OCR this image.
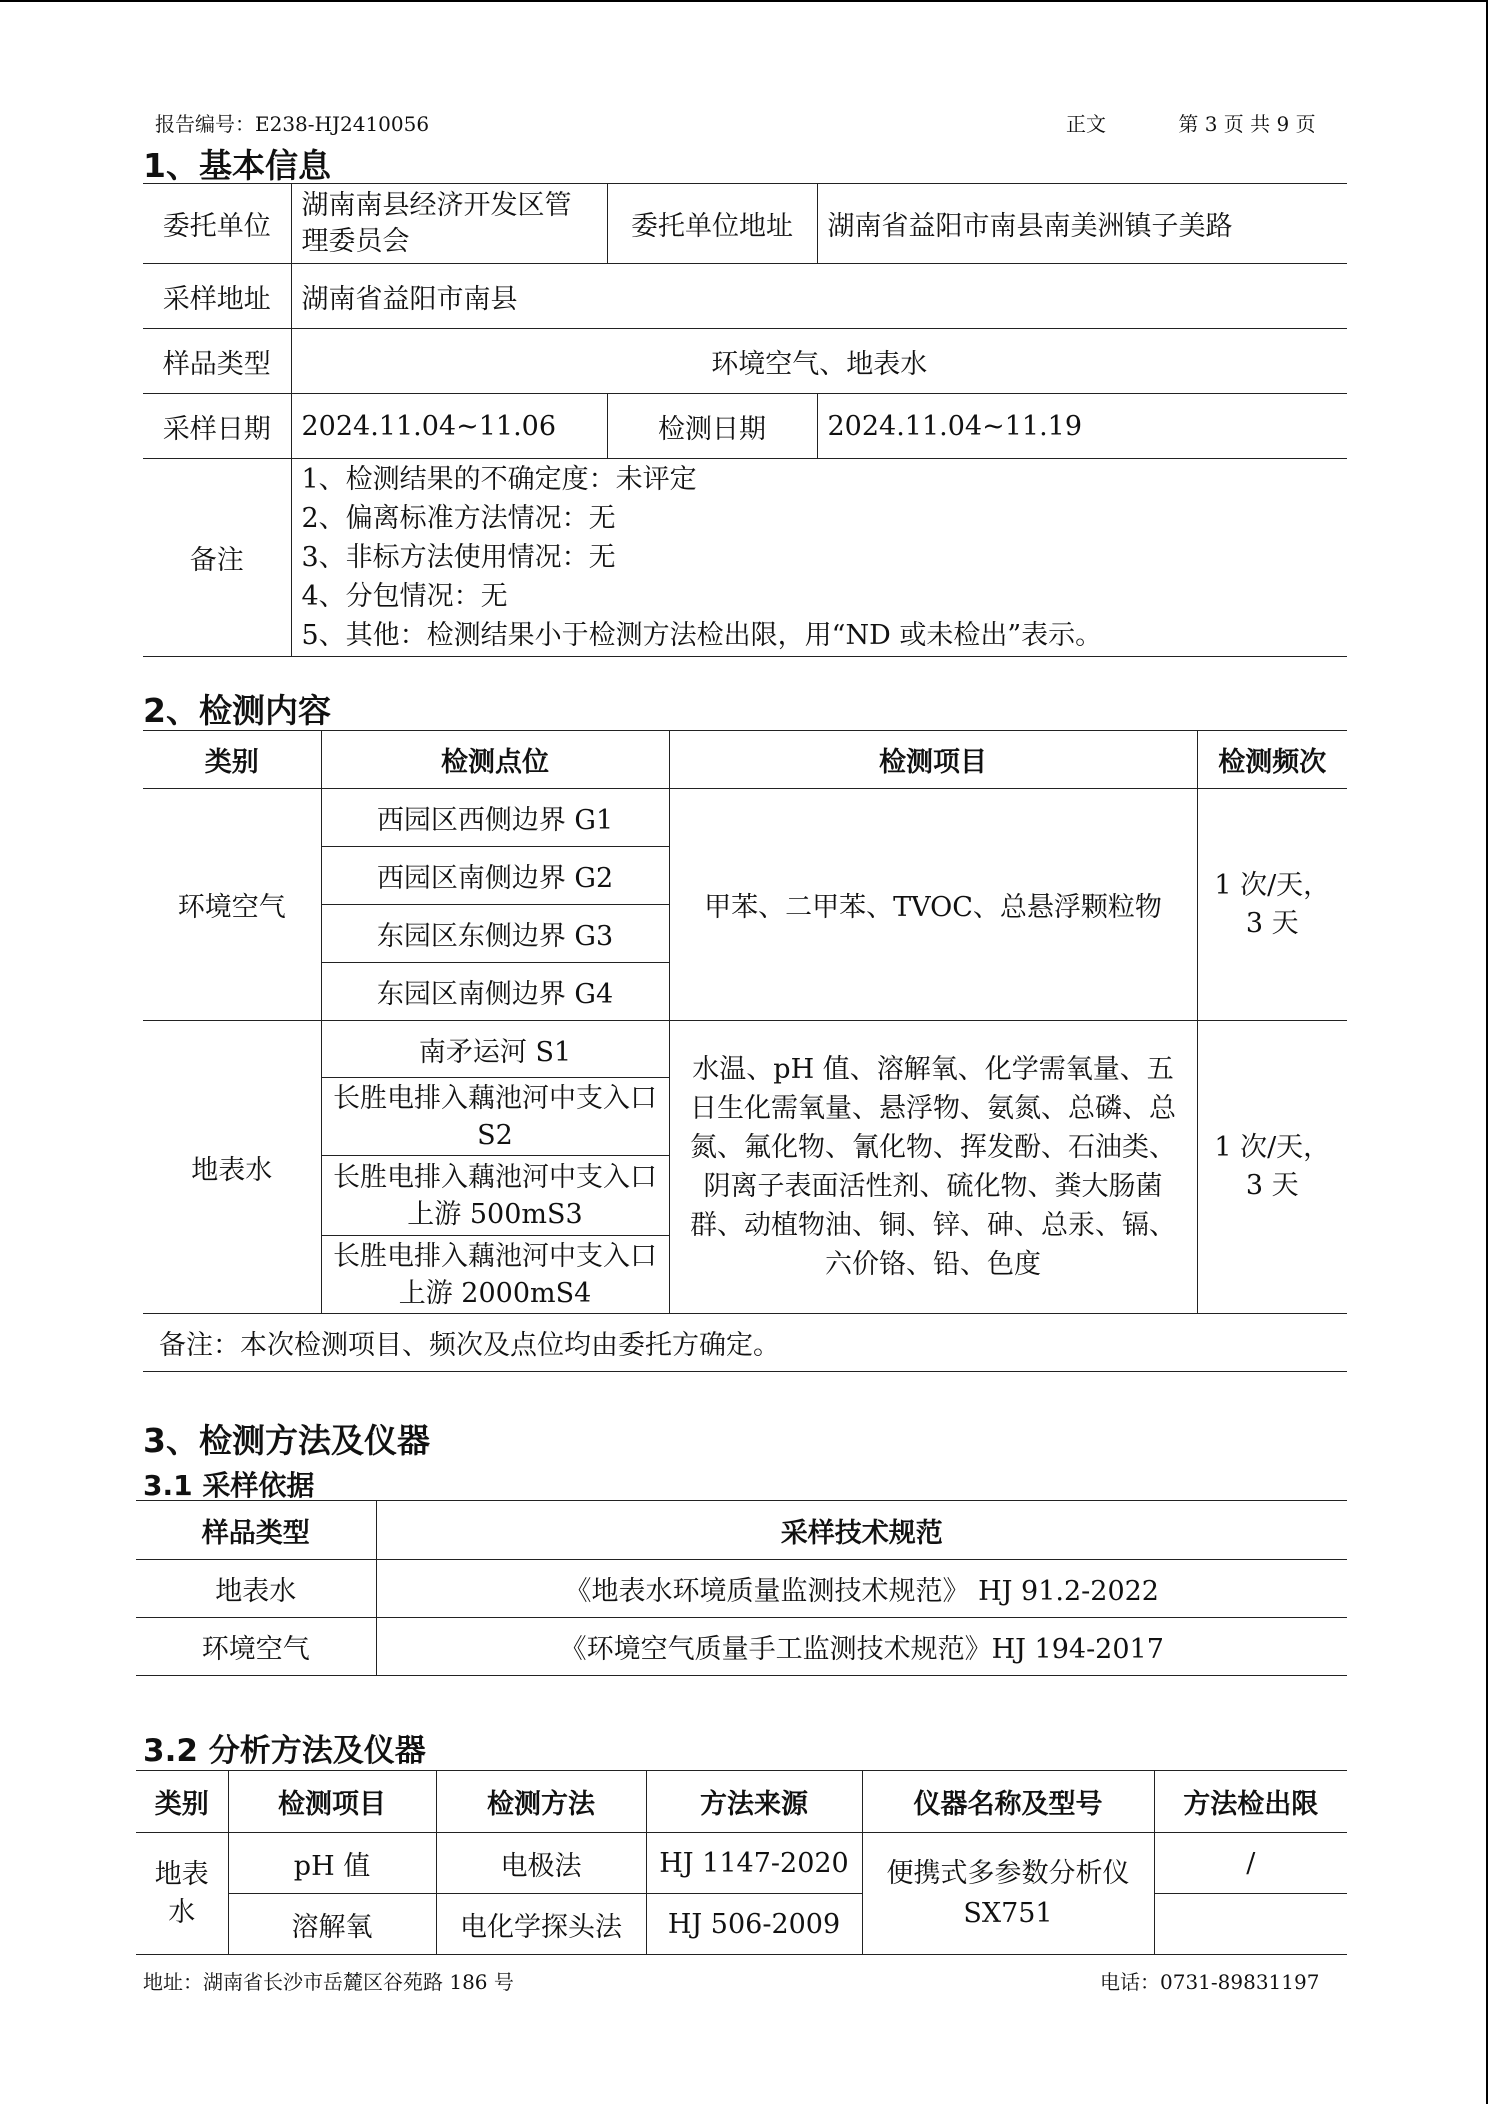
报告编号：E238-HJ2410056	正文	第 3 页 共 9 页
1、基本信息
委托单位	湖南南县经济开发区管理委员会	委托单位地址	湖南省益阳市南县南美洲镇子美路
采样地址	湖南省益阳市南县		
样品类型	环境空气、地表水		
采样日期	2024.11.04~11.06	检测日期	2024.11.04~11.19
备注	1、检测结果的不确定度：未评定
2、偏离标准方法情况：无
3、非标方法使用情况：无
4、分包情况：无
5、其他：检测结果小于检测方法检出限，用“ND 或未检出”表示。		
2、检测内容
类别	检测点位	检测项目	检测频次
环境空气	西园区西侧边界 G1	甲苯、二甲苯、TVOC、总悬浮颗粒物	1 次/天，3 天
	西园区南侧边界 G2		
	东园区东侧边界 G3		
	东园区南侧边界 G4		
地表水	南矛运河 S1	水温、pH 值、溶解氧、化学需氧量、五日生化需氧量、悬浮物、氨氮、总磷、总氮、氟化物、氰化物、挥发酚、石油类、阴离子表面活性剂、硫化物、粪大肠菌群、动植物油、铜、锌、砷、总汞、镉、六价铬、铅、色度	1 次/天，3 天
	长胜电排入藕池河中支入口 S2		
	长胜电排入藕池河中支入口上游 500mS3		
	长胜电排入藕池河中支入口上游 2000mS4		
备注：本次检测项目、频次及点位均由委托方确定。			
3、检测方法及仪器
3.1 采样依据
样品类型	采样技术规范
地表水	《地表水环境质量监测技术规范》 HJ 91.2-2022
环境空气	《环境空气质量手工监测技术规范》HJ 194-2017
3.2 分析方法及仪器
类别	检测项目	检测方法	方法来源	仪器名称及型号	方法检出限
地表水	pH 值	电极法	HJ 1147-2020	便携式多参数分析仪 SX751	/
	溶解氧	电化学探头法	HJ 506-2009		
地址：湖南省长沙市岳麓区谷苑路 186 号	电话：0731-89831197
